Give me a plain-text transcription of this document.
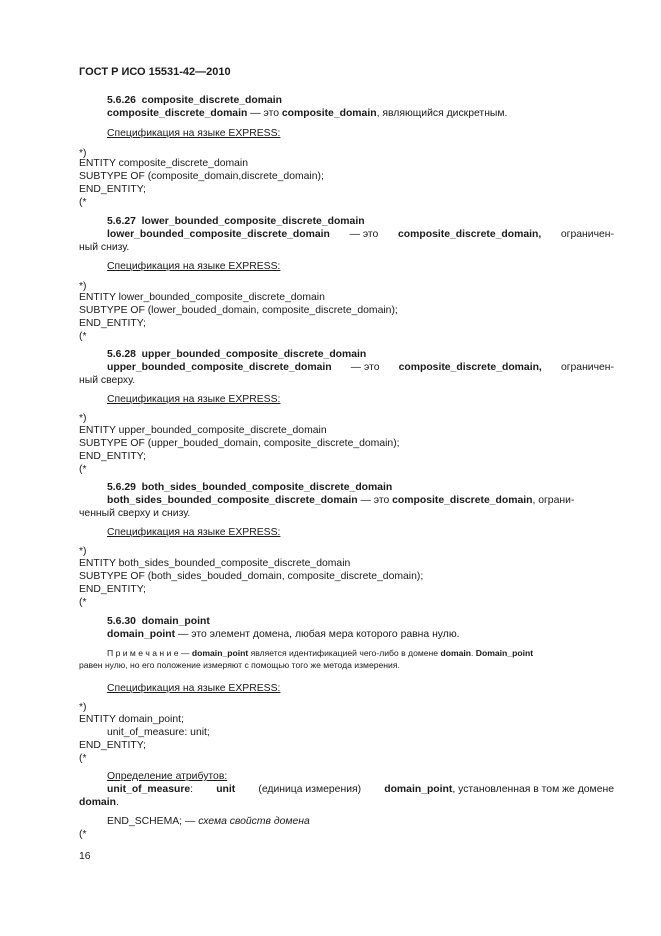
ГОСТ Р ИСО 15531-42—2010
5.6.26 composite_discrete_domain
composite_discrete_domain — это composite_domain, являющийся дискретным.
Спецификация на языке EXPRESS:
*)
ENTITY composite_discrete_domain
SUBTYPE OF (composite_domain,discrete_domain);
END_ENTITY;
(*
5.6.27 lower_bounded_composite_discrete_domain
lower_bounded_composite_discrete_domain — это composite_discrete_domain, ограничен-
ный снизу.
Спецификация на языке EXPRESS:
*)
ENTITY lower_bounded_composite_discrete_domain
SUBTYPE OF (lower_bouded_domain, composite_discrete_domain);
END_ENTITY;
(*
5.6.28 upper_bounded_composite_discrete_domain
upper_bounded_composite_discrete_domain — это composite_discrete_domain, ограничен-
ный сверху.
Спецификация на языке EXPRESS:
*)
ENTITY upper_bounded_composite_discrete_domain
SUBTYPE OF (upper_bouded_domain, composite_discrete_domain);
END_ENTITY;
(*
5.6.29 both_sides_bounded_composite_discrete_domain
both_sides_bounded_composite_discrete_domain — это composite_discrete_domain, ограни-
ченный сверху и снизу.
Спецификация на языке EXPRESS:
*)
ENTITY both_sides_bounded_composite_discrete_domain
SUBTYPE OF (both_sides_bouded_domain, composite_discrete_domain);
END_ENTITY;
(*
5.6.30 domain_point
domain_point — это элемент домена, любая мера которого равна нулю.
П р и м е ч а н и е — domain_point является идентификацией чего-либо в домене domain. Domain_point
равен нулю, но его положение измеряют с помощью того же метода измерения.
Спецификация на языке EXPRESS:
*)
ENTITY domain_point;
unit_of_measure: unit;
END_ENTITY;
(*
Определение атрибутов:
unit_of_measure: unit (единица измерения) domain_point, установленная в том же домене
domain.
END_SCHEMA; — схема свойств домена
(*
16
